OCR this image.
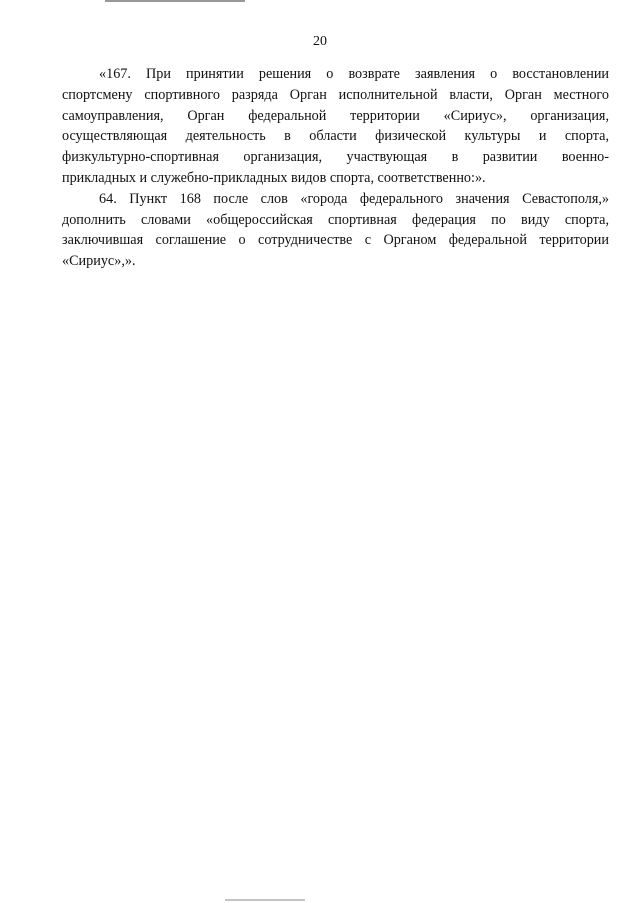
20

«167. При принятии решения о возврате заявления о восстановлении
спортсмену спортивного разряда Орган исполнительной власти, Орган местного
самоуправления, Орган федеральной территории «Сириус», организация,
осуществляющая деятельность в области физической культуры и спорта,
физкультурно-спортивная организация, участвующая в развитии военно-
прикладных и служебно-прикладных видов спорта, соответственно:».

64. Пункт 168 после слов «города федерального значения Севастополя,»
дополнить словами «общероссийская спортивная федерация по виду спорта,
заключившая соглашение о сотрудничестве с Органом федеральной территории
«Сириус»,».
